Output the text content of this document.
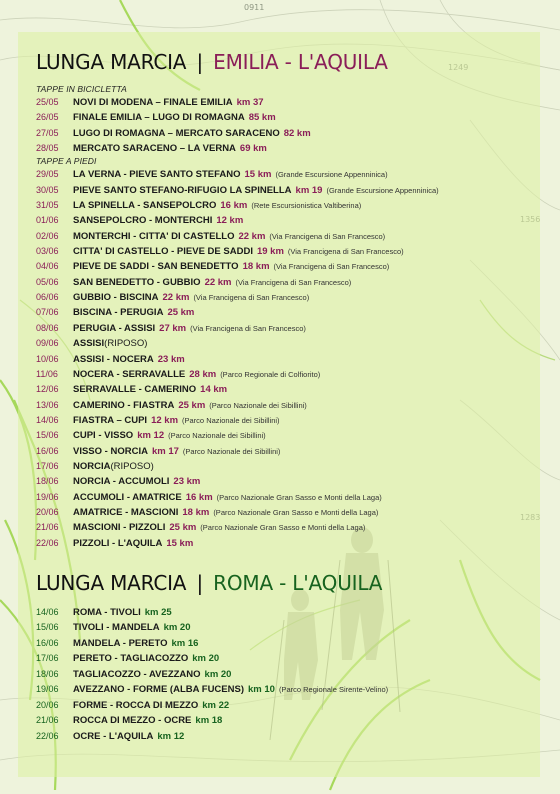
0911
LUNGA MARCIA | EMILIA - L'AQUILA
TAPPE IN BICICLETTA
25/05	NOVI DI MODENA – FINALE EMILIA km 37
26/05	FINALE EMILIA – LUGO DI ROMAGNA 85 km
27/05	LUGO DI ROMAGNA – MERCATO SARACENO 82 km
28/05	MERCATO SARACENO – LA VERNA 69 km
TAPPE A PIEDI
29/05	LA VERNA - PIEVE SANTO STEFANO 15 km (Grande Escursione Appenninica)
30/05	PIEVE SANTO STEFANO-RIFUGIO LA SPINELLA km 19 (Grande Escursione Appenninica)
31/05	LA SPINELLA - SANSEPOLCRO 16 km (Rete Escursionistica Valtiberina)
01/06	SANSEPOLCRO - MONTERCHI 12 km
02/06	MONTERCHI - CITTA' DI CASTELLO 22 km (Via Francigena di San Francesco)
03/06	CITTA' DI CASTELLO - PIEVE DE SADDI 19 km (Via Francigena di San Francesco)
04/06	PIEVE DE SADDI - SAN BENEDETTO 18 km (Via Francigena di San Francesco)
05/06	SAN BENEDETTO - GUBBIO 22 km (Via Francigena di San Francesco)
06/06	GUBBIO - BISCINA 22 km (Via Francigena di San Francesco)
07/06	BISCINA - PERUGIA 25 km
08/06	PERUGIA - ASSISI 27 km (Via Francigena di San Francesco)
09/06	ASSISI (RIPOSO)
10/06	ASSISI - NOCERA 23 km
11/06	NOCERA - SERRAVALLE 28 km (Parco Regionale di Colfiorito)
12/06	SERRAVALLE - CAMERINO 14 km
13/06	CAMERINO - FIASTRA 25 km (Parco Nazionale dei Sibillini)
14/06	FIASTRA – CUPI 12 km (Parco Nazionale dei Sibillini)
15/06	CUPI - VISSO km 12 (Parco Nazionale dei Sibillini)
16/06	VISSO - NORCIA km 17 (Parco Nazionale dei Sibillini)
17/06	NORCIA (RIPOSO)
18/06	NORCIA - ACCUMOLI 23 km
19/06	ACCUMOLI - AMATRICE 16 km (Parco Nazionale Gran Sasso e Monti della Laga)
20/06	AMATRICE - MASCIONI 18 km (Parco Nazionale Gran Sasso e Monti della Laga)
21/06	MASCIONI - PIZZOLI 25 km (Parco Nazionale Gran Sasso e Monti della Laga)
22/06	PIZZOLI - L'AQUILA 15 km
LUNGA MARCIA | ROMA - L'AQUILA
14/06	ROMA - TIVOLI km 25
15/06	TIVOLI - MANDELA km 20
16/06	MANDELA - PERETO km 16
17/06	PERETO - TAGLIACOZZO km 20
18/06	TAGLIACOZZO - AVEZZANO km 20
19/06	AVEZZANO - FORME (ALBA FUCENS) km 10 (Parco Regionale Sirente-Velino)
20/06	FORME - ROCCA DI MEZZO km 22
21/06	ROCCA DI MEZZO - OCRE km 18
22/06	OCRE - L'AQUILA km 12
